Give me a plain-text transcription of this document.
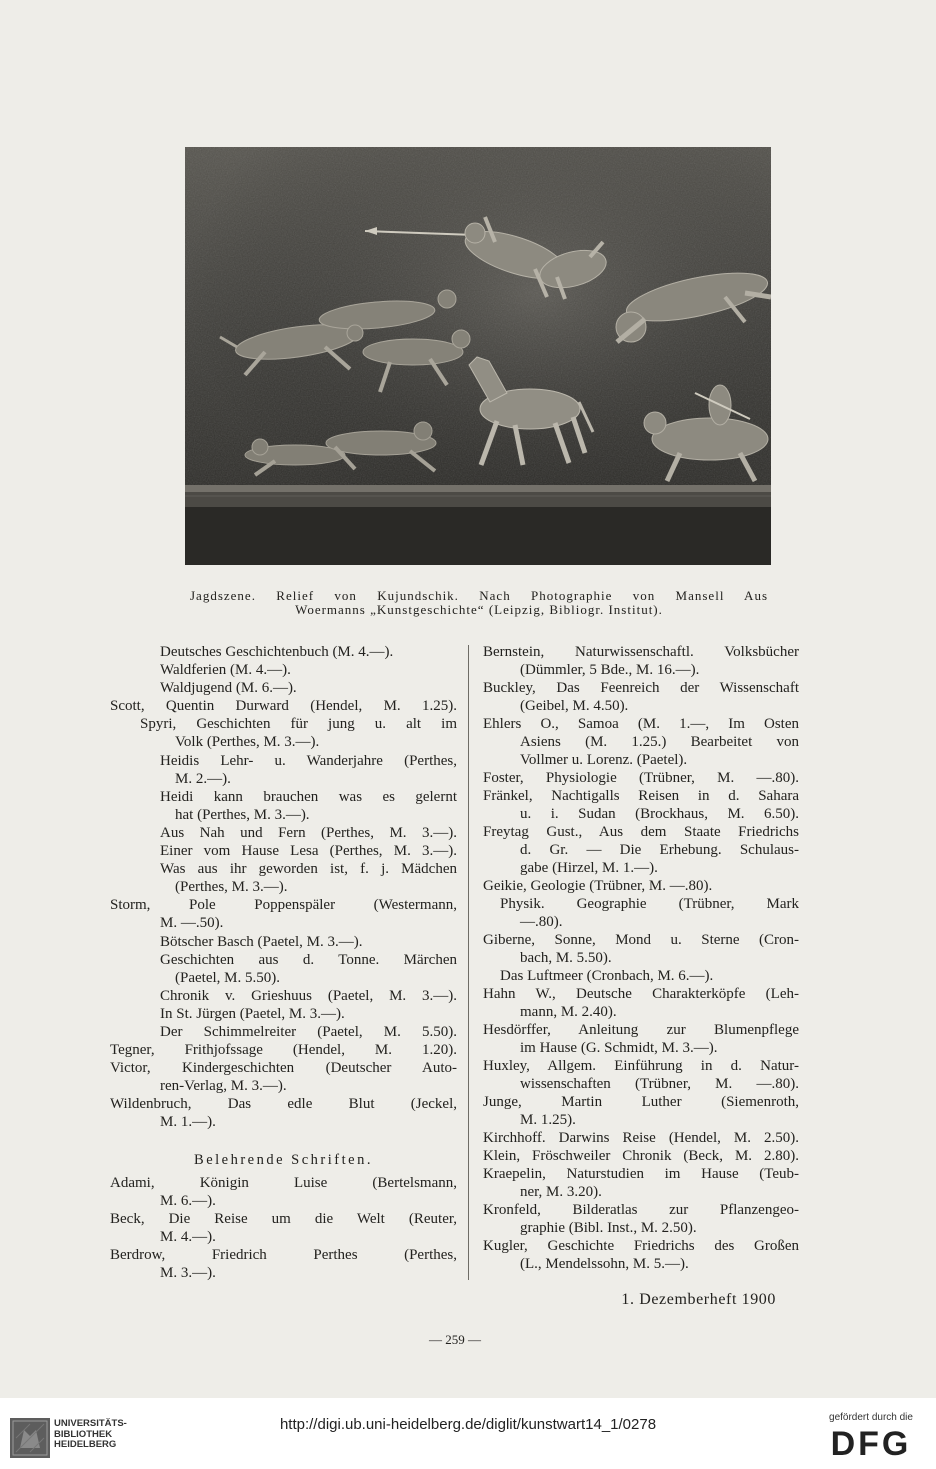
Jagdszene. Relief von Kujundschik. Nach Photographie von Mansell Aus
Woermanns „Kunstgeschichte“ (Leipzig, Bibliogr. Institut).
Deutsches Geschichtenbuch (M. 4.—).
Waldferien (M. 4.—).
Waldjugend (M. 6.—).
Scott, Quentin Durward (Hendel, M. 1.25).
Spyri, Geschichten für jung u. alt im
Volk (Perthes, M. 3.—).
Heidis Lehr- u. Wanderjahre (Perthes,
M. 2.—).
Heidi kann brauchen was es gelernt
hat (Perthes, M. 3.—).
Aus Nah und Fern (Perthes, M. 3.—).
Einer vom Hause Lesa (Perthes, M. 3.—).
Was aus ihr geworden ist, f. j. Mädchen
(Perthes, M. 3.—).
Storm, Pole Poppenspäler (Westermann,
M. —.50).
Bötscher Basch (Paetel, M. 3.—).
Geschichten aus d. Tonne. Märchen
(Paetel, M. 5.50).
Chronik v. Grieshuus (Paetel, M. 3.—).
In St. Jürgen (Paetel, M. 3.—).
Der Schimmelreiter (Paetel, M. 5.50).
Tegner, Frithjofssage (Hendel, M. 1.20).
Victor, Kindergeschichten (Deutscher Auto-
ren-Verlag, M. 3.—).
Wildenbruch, Das edle Blut (Jeckel,
M. 1.—).
Belehrende Schriften.
Adami, Königin Luise (Bertelsmann,
M. 6.—).
Beck, Die Reise um die Welt (Reuter,
M. 4.—).
Berdrow, Friedrich Perthes (Perthes,
M. 3.—).
Bernstein, Naturwissenschaftl. Volksbücher
(Dümmler, 5 Bde., M. 16.—).
Buckley, Das Feenreich der Wissenschaft
(Geibel, M. 4.50).
Ehlers O., Samoa (M. 1.—, Im Osten
Asiens (M. 1.25.) Bearbeitet von
Vollmer u. Lorenz. (Paetel).
Foster, Physiologie (Trübner, M. —.80).
Fränkel, Nachtigalls Reisen in d. Sahara
u. i. Sudan (Brockhaus, M. 6.50).
Freytag Gust., Aus dem Staate Friedrichs
d. Gr. — Die Erhebung. Schulaus-
gabe (Hirzel, M. 1.—).
Geikie, Geologie (Trübner, M. —.80).
Physik. Geographie (Trübner, Mark
—.80).
Giberne, Sonne, Mond u. Sterne (Cron-
bach, M. 5.50).
Das Luftmeer (Cronbach, M. 6.—).
Hahn W., Deutsche Charakterköpfe (Leh-
mann, M. 2.40).
Hesdörffer, Anleitung zur Blumenpflege
im Hause (G. Schmidt, M. 3.—).
Huxley, Allgem. Einführung in d. Natur-
wissenschaften (Trübner, M. —.80).
Junge, Martin Luther (Siemenroth,
M. 1.25).
Kirchhoff. Darwins Reise (Hendel, M. 2.50).
Klein, Fröschweiler Chronik (Beck, M. 2.80).
Kraepelin, Naturstudien im Hause (Teub-
ner, M. 3.20).
Kronfeld, Bilderatlas zur Pflanzengeo-
graphie (Bibl. Inst., M. 2.50).
Kugler, Geschichte Friedrichs des Großen
(L., Mendelssohn, M. 5.—).
1. Dezemberheft 1900
— 259 —
UNIVERSITÄTS-
BIBLIOTHEK
HEIDELBERG
http://digi.ub.uni-heidelberg.de/diglit/kunstwart14_1/0278	gefördert durch die
DFG
